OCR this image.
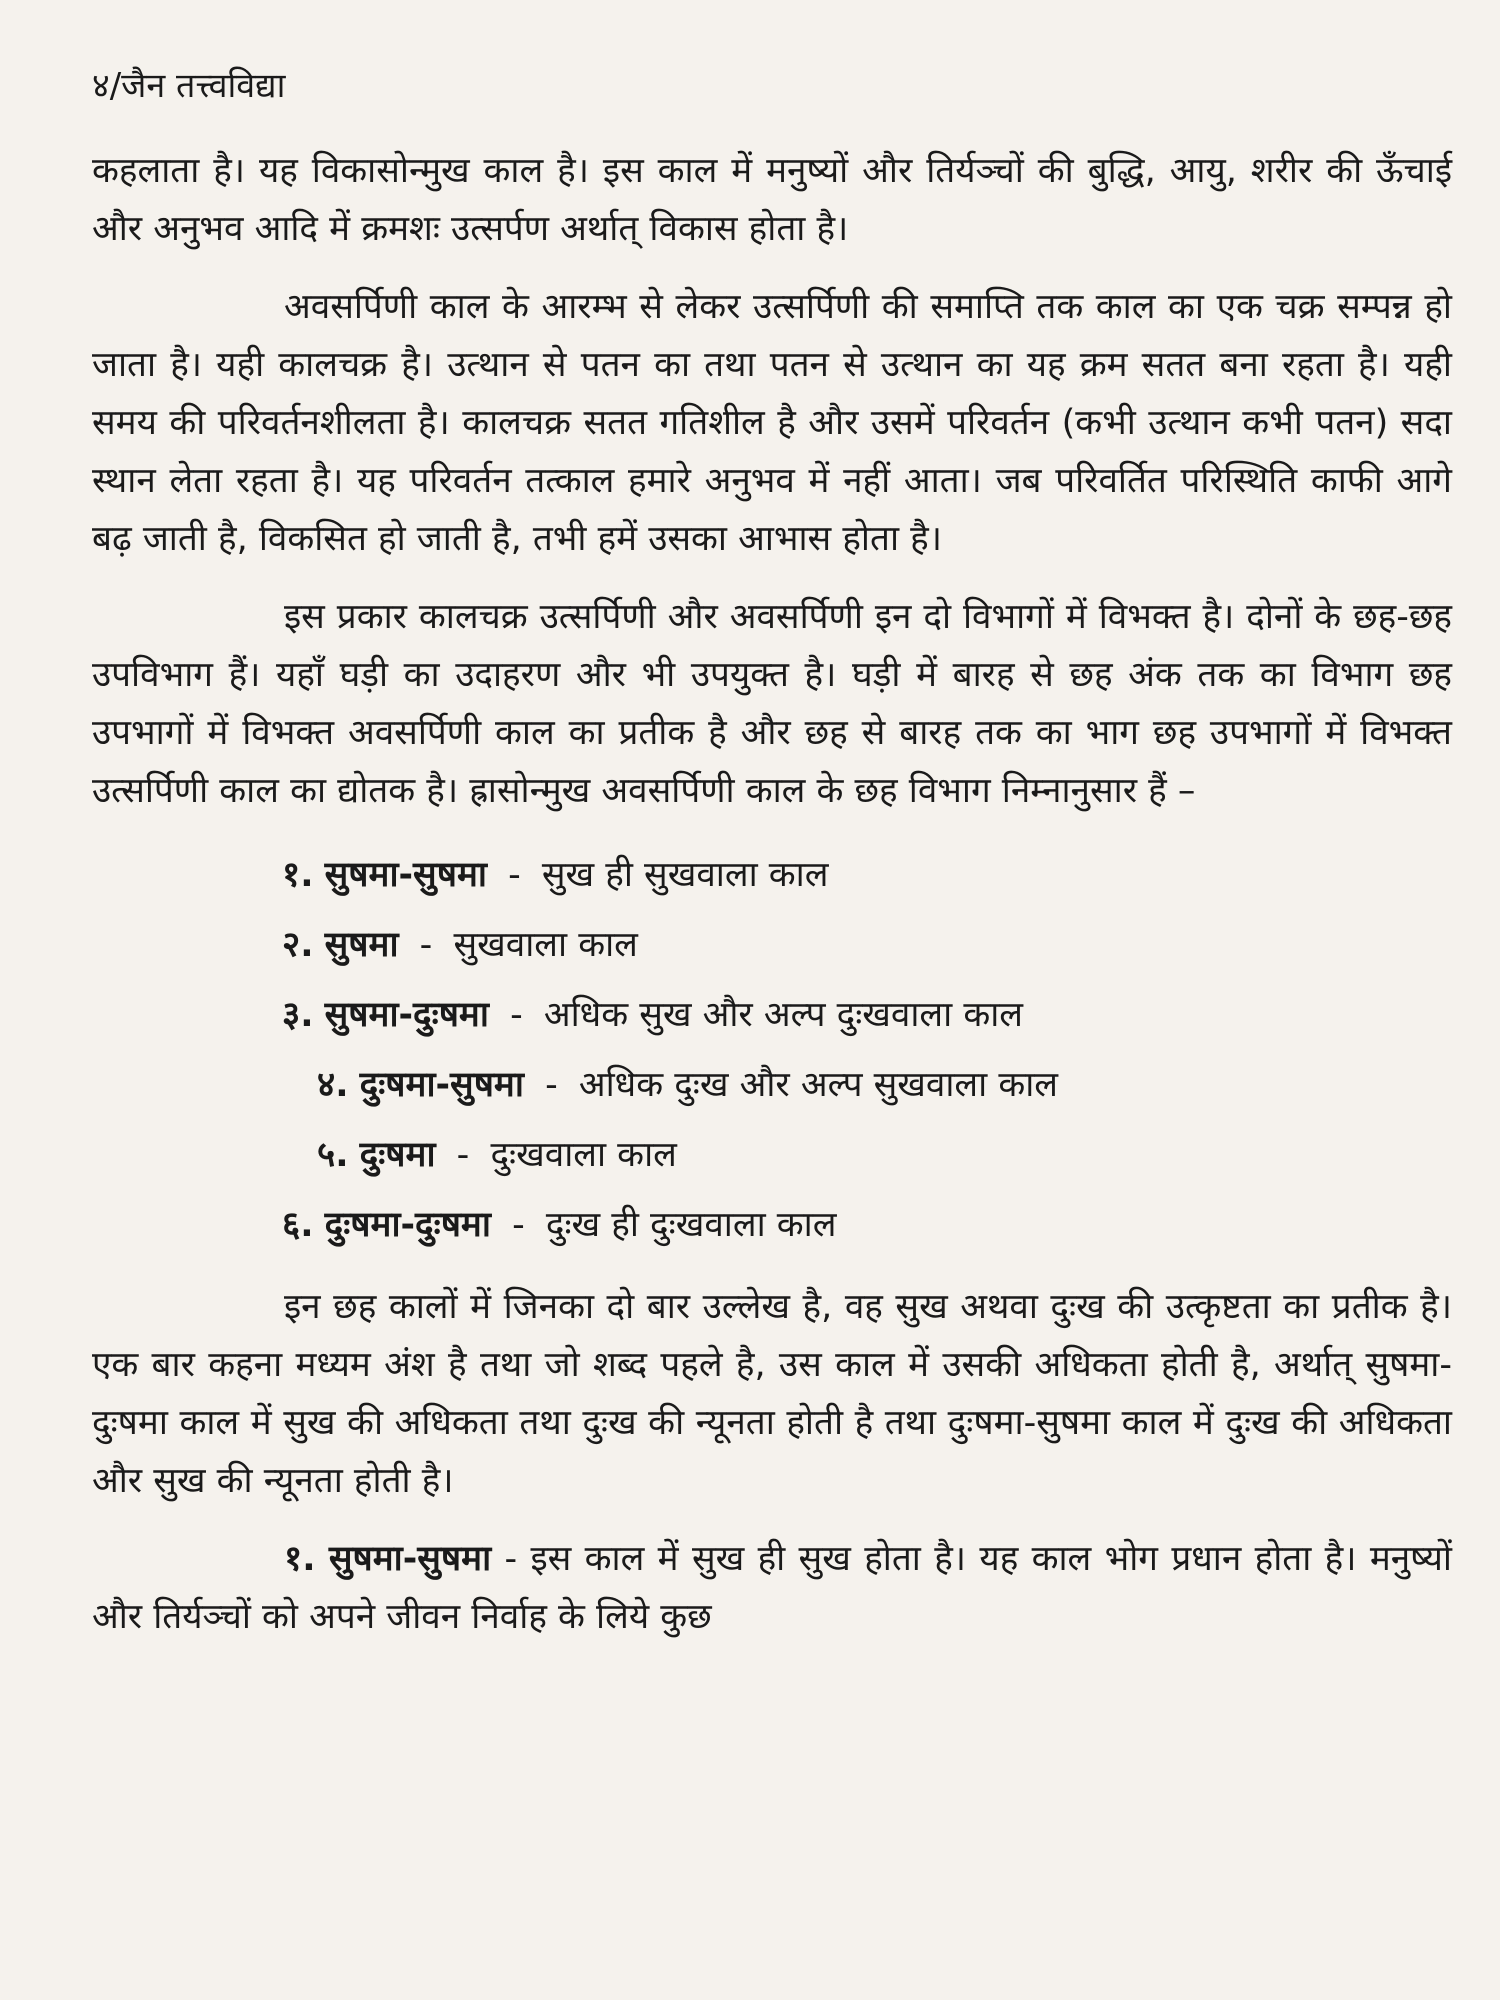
४/जैन तत्त्वविद्या

कहलाता है। यह विकासोन्मुख काल है। इस काल में मनुष्यों और तिर्यञ्चों की बुद्धि, आयु, शरीर की ऊँचाई और अनुभव आदि में क्रमशः उत्सर्पण अर्थात् विकास होता है।

अवसर्पिणी काल के आरम्भ से लेकर उत्सर्पिणी की समाप्ति तक काल का एक चक्र सम्पन्न हो जाता है। यही कालचक्र है। उत्थान से पतन का तथा पतन से उत्थान का यह क्रम सतत बना रहता है। यही समय की परिवर्तनशीलता है। कालचक्र सतत गतिशील है और उसमें परिवर्तन (कभी उत्थान कभी पतन) सदा स्थान लेता रहता है। यह परिवर्तन तत्काल हमारे अनुभव में नहीं आता। जब परिवर्तित परिस्थिति काफी आगे बढ़ जाती है, विकसित हो जाती है, तभी हमें उसका आभास होता है।

इस प्रकार कालचक्र उत्सर्पिणी और अवसर्पिणी इन दो विभागों में विभक्त है। दोनों के छह-छह उपविभाग हैं। यहाँ घड़ी का उदाहरण और भी उपयुक्त है। घड़ी में बारह से छह अंक तक का विभाग छह उपभागों में विभक्त अवसर्पिणी काल का प्रतीक है और छह से बारह तक का भाग छह उपभागों में विभक्त उत्सर्पिणी काल का द्योतक है। ह्रासोन्मुख अवसर्पिणी काल के छह विभाग निम्नानुसार हैं –

१. सुषमा-सुषमा - सुख ही सुखवाला काल
२. सुषमा - सुखवाला काल
३. सुषमा-दुःषमा - अधिक सुख और अल्प दुःखवाला काल
४. दुःषमा-सुषमा - अधिक दुःख और अल्प सुखवाला काल
५. दुःषमा - दुःखवाला काल
६. दुःषमा-दुःषमा - दुःख ही दुःखवाला काल

इन छह कालों में जिनका दो बार उल्लेख है, वह सुख अथवा दुःख की उत्कृष्टता का प्रतीक है। एक बार कहना मध्यम अंश है तथा जो शब्द पहले है, उस काल में उसकी अधिकता होती है, अर्थात् सुषमा-दुःषमा काल में सुख की अधिकता तथा दुःख की न्यूनता होती है तथा दुःषमा-सुषमा काल में दुःख की अधिकता और सुख की न्यूनता होती है।

१. सुषमा-सुषमा - इस काल में सुख ही सुख होता है। यह काल भोग प्रधान होता है। मनुष्यों और तिर्यञ्चों को अपने जीवन निर्वाह के लिये कुछ
